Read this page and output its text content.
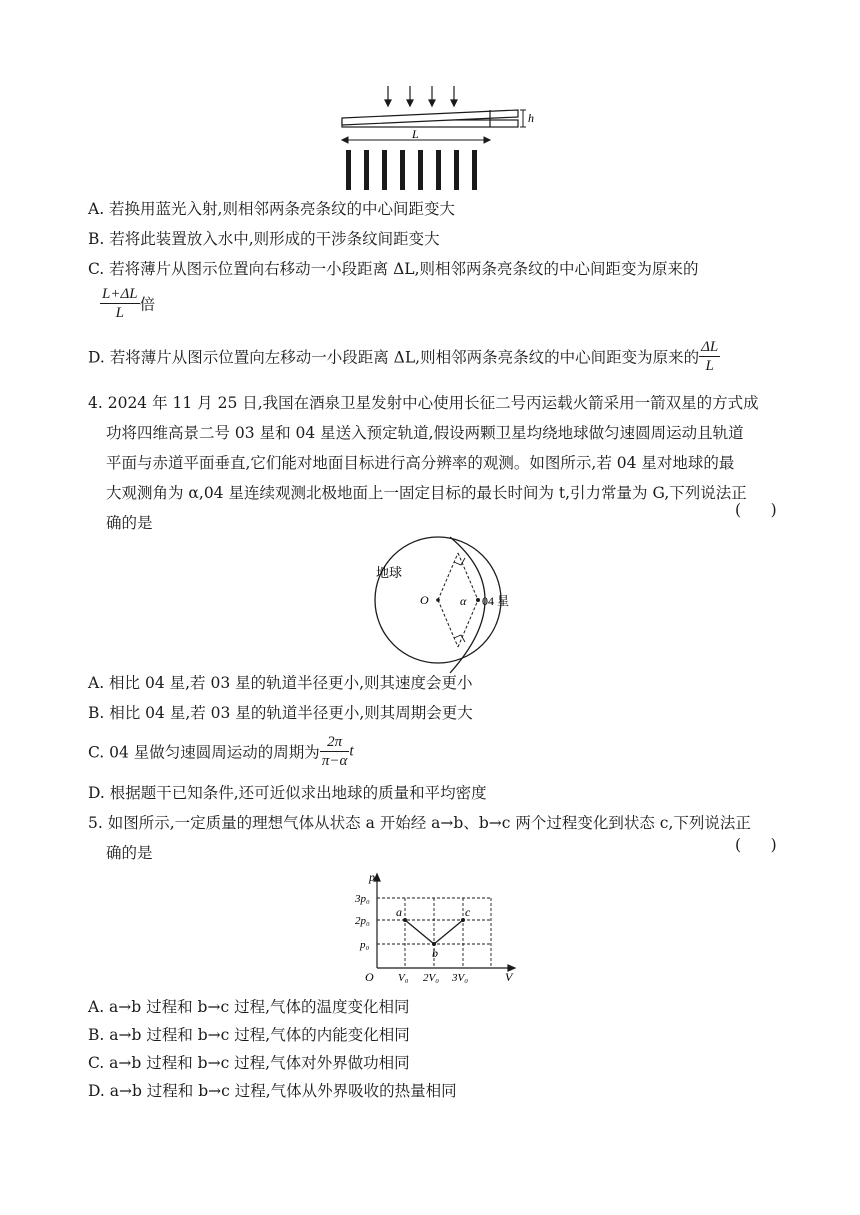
h
L
A. 若换用蓝光入射,则相邻两条亮条纹的中心间距变大
B. 若将此装置放入水中,则形成的干涉条纹间距变大
C. 若将薄片从图示位置向右移动一小段距离 ΔL,则相邻两条亮条纹的中心间距变为原来的
$\frac{L+\Delta L}{L}$ 倍
D. 若将薄片从图示位置向左移动一小段距离 ΔL,则相邻两条亮条纹的中心间距变为原来的 $\frac{\Delta L}{L}$
4. 2024 年 11 月 25 日,我国在酒泉卫星发射中心使用长征二号丙运载火箭采用一箭双星的方式成
功将四维高景二号 03 星和 04 星送入预定轨道,假设两颗卫星均绕地球做匀速圆周运动且轨道
平面与赤道平面垂直,它们能对地面目标进行高分辨率的观测。如图所示,若 04 星对地球的最
大观测角为 α,04 星连续观测北极地面上一固定目标的最长时间为 t,引力常量为 G,下列说法正
确的是
(      )
地球
O	α 04 星
A. 相比 04 星,若 03 星的轨道半径更小,则其速度会更小
B. 相比 04 星,若 03 星的轨道半径更小,则其周期会更大
C. 04 星做匀速圆周运动的周期为 $\frac{2\pi}{\pi-\alpha}$ t
D. 根据题干已知条件,还可近似求出地球的质量和平均密度
5. 如图所示,一定质量的理想气体从状态 a 开始经 a→b、b→c 两个过程变化到状态 c,下列说法正
确的是	(      )
p
V
O
3p₀
2p₀
p₀
V₀ 2V₀ 3V₀
a
b
c
A. a→b 过程和 b→c 过程,气体的温度变化相同
B. a→b 过程和 b→c 过程,气体的内能变化相同
C. a→b 过程和 b→c 过程,气体对外界做功相同
D. a→b 过程和 b→c 过程,气体从外界吸收的热量相同
